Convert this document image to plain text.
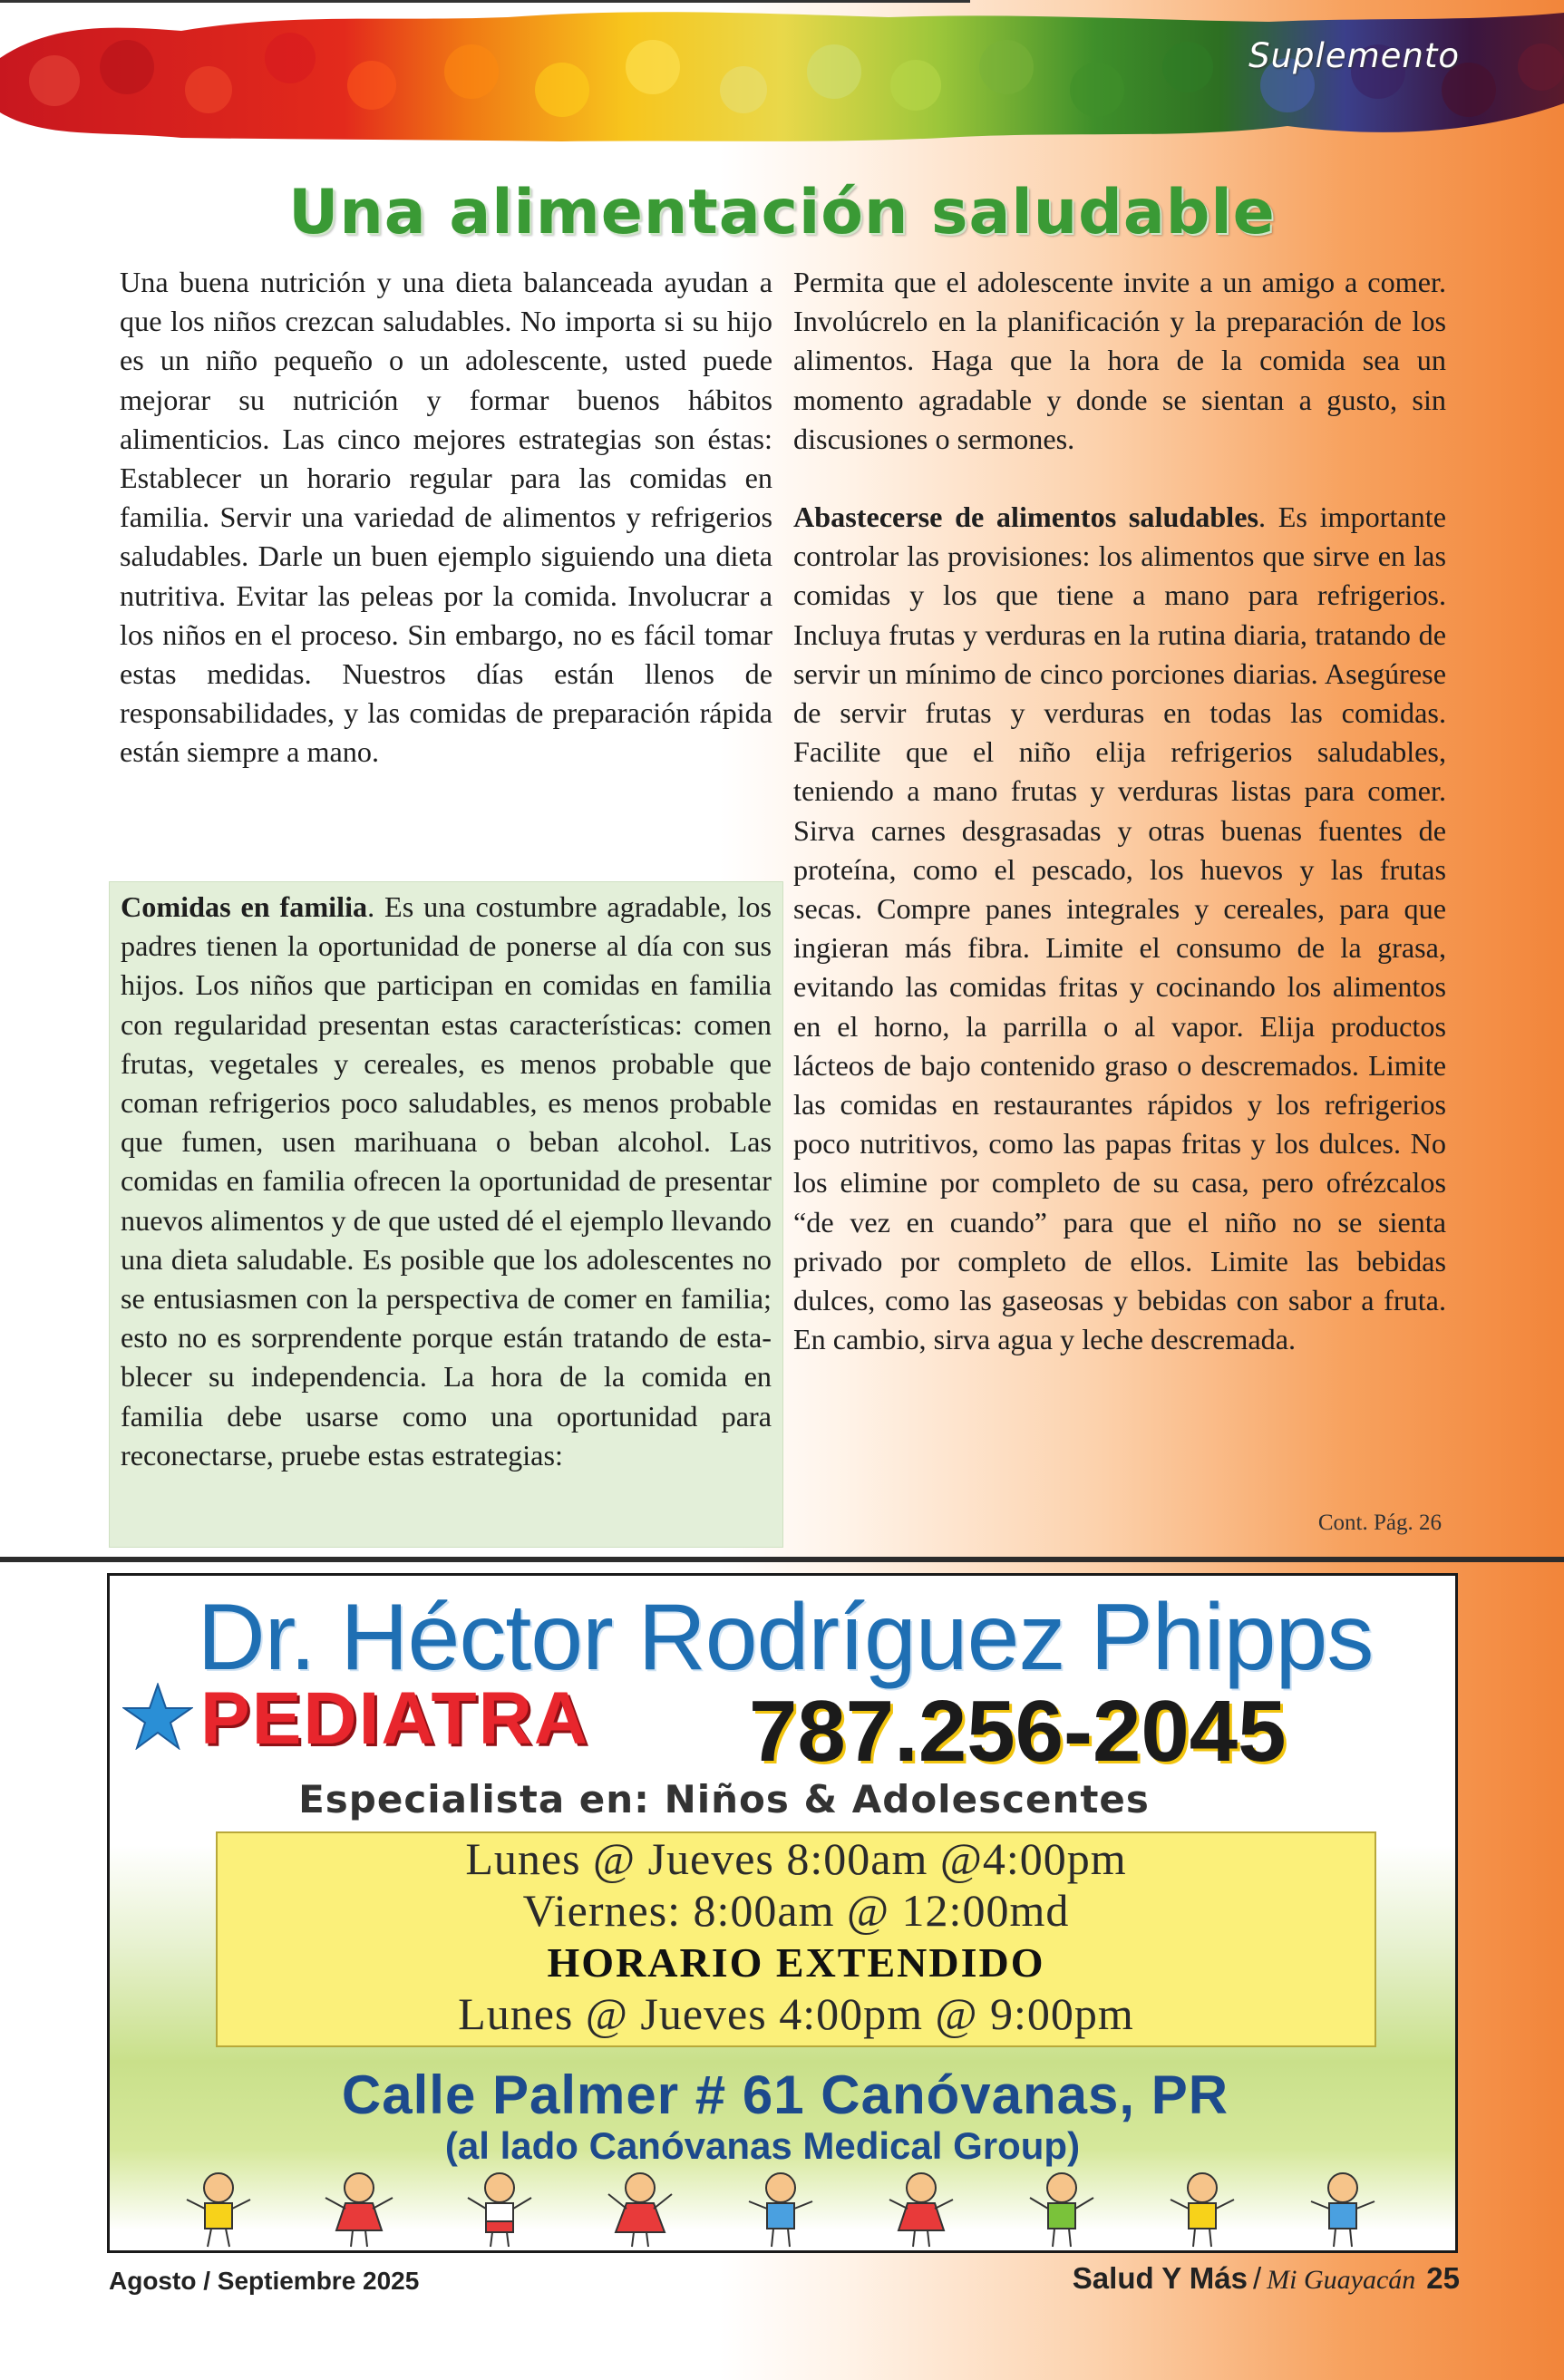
Suplemento
Una alimentación saludable

Una buena nutrición y una dieta balanceada ayudan a que los niños crezcan saludables. No importa si su hijo es un niño pequeño o un adolescente, usted puede mejorar su nutrición y formar buenos hábitos alimenticios. Las cinco mejores estrategias son éstas: Establecer un horario regular para las comidas en familia. Servir una variedad de alimentos y refrigerios saludables. Darle un buen ejemplo siguiendo una dieta nutritiva. Evitar las peleas por la comida. Involucrar a los niños en el proceso. Sin embargo, no es fácil tomar estas medidas. Nuestros días están llenos de responsabilidades, y las comidas de preparación rápida están siempre a mano.

Comidas en familia. Es una costumbre agradable, los padres tienen la oportunidad de ponerse al día con sus hijos. Los niños que participan en comidas en familia con regularidad presentan estas características: comen frutas, vegetales y cereales, es menos probable que coman refrigerios poco saludables, es menos probable que fumen, usen marihuana o beban alcohol. Las comidas en familia ofrecen la oportunidad de presentar nuevos alimentos y de que usted dé el ejemplo llevando una dieta saludable. Es posible que los adolescentes no se entusiasmen con la perspectiva de comer en familia; esto no es sorprendente porque están tratando de establecer su independencia. La hora de la comida en familia debe usarse como una oportunidad para reconectarse, pruebe estas estrategias:

Permita que el adolescente invite a un amigo a comer. Involúcrelo en la planificación y la preparación de los alimentos. Haga que la hora de la comida sea un momento agradable y donde se sientan a gusto, sin discusiones o sermones.

Abastecerse de alimentos saludables. Es importante controlar las provisiones: los alimentos que sirve en las comidas y los que tiene a mano para refrigerios. Incluya frutas y verduras en la rutina diaria, tratando de servir un mínimo de cinco porciones diarias. Asegúrese de servir frutas y verduras en todas las comidas. Facilite que el niño elija refrigerios saludables, teniendo a mano frutas y verduras listas para comer. Sirva carnes desgrasadas y otras buenas fuentes de proteína, como el pescado, los huevos y las frutas secas. Compre panes integrales y cereales, para que ingieran más fibra. Limite el consumo de la grasa, evitando las comidas fritas y cocinando los alimentos en el horno, la parrilla o al vapor. Elija productos lácteos de bajo contenido graso o descremados. Limite las comidas en restaurantes rápidos y los refrigerios poco nutritivos, como las papas fritas y los dulces. No los elimine por completo de su casa, pero ofrézcalos “de vez en cuando” para que el niño no se sienta privado por completo de ellos. Limite las bebidas dulces, como las gaseosas y bebidas con sabor a fruta. En cambio, sirva agua y leche descremada.

Cont. Pág. 26
Dr. Héctor Rodríguez Phipps
PEDIATRA 787.256-2045
Especialista en: Niños & Adolescentes
Lunes @ Jueves 8:00am @4:00pm
Viernes: 8:00am @ 12:00md
HORARIO EXTENDIDO
Lunes @ Jueves 4:00pm @ 9:00pm
Calle Palmer # 61 Canóvanas, PR
(al lado Canóvanas Medical Group)
Agosto / Septiembre 2025	Salud Y Más / Mi Guayacán 25
